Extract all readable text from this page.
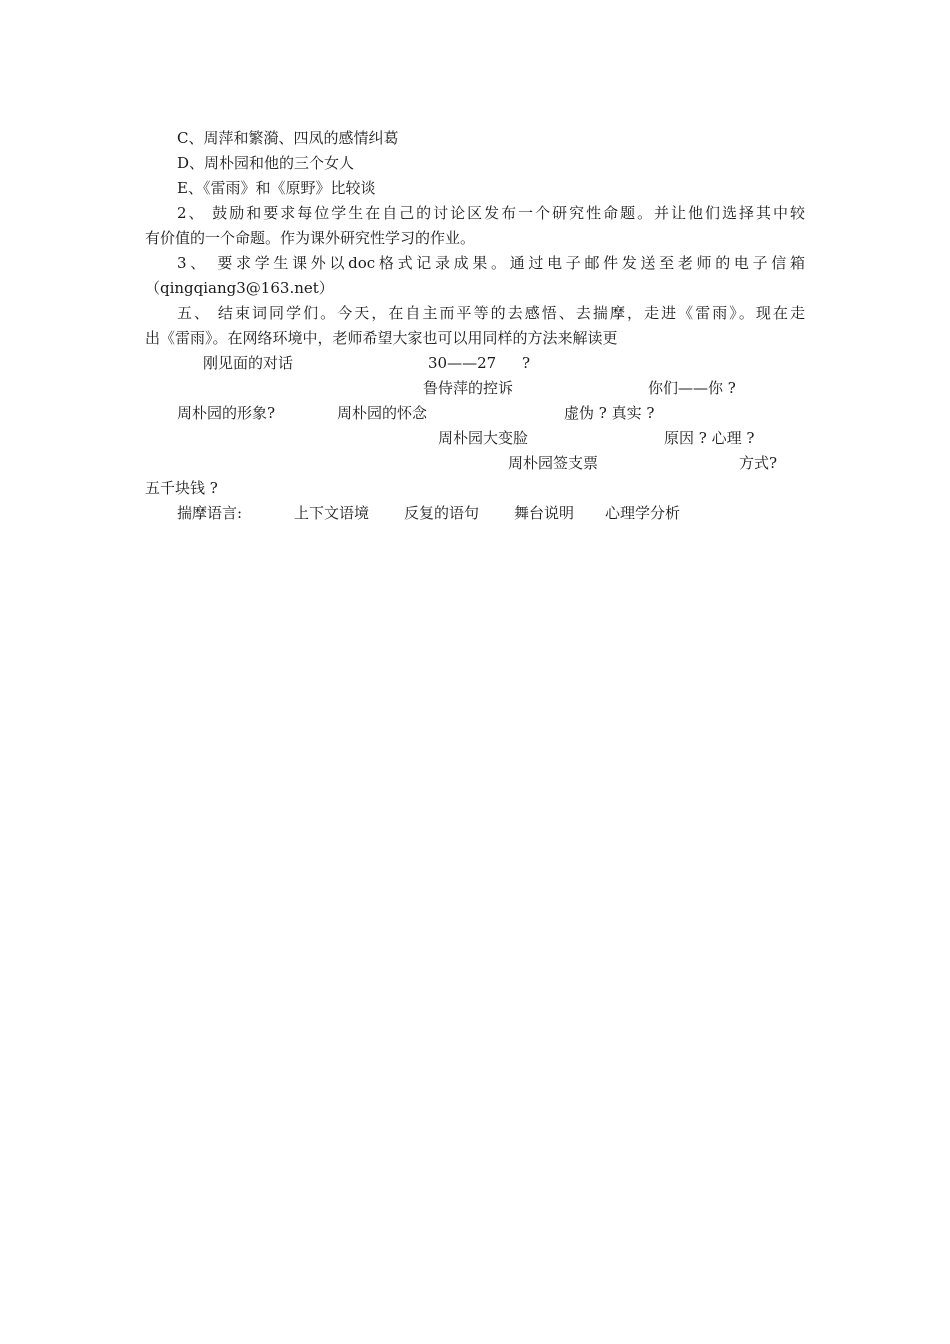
C、周萍和繁漪、四凤的感情纠葛
D、周朴园和他的三个女人
E、《雷雨》和《原野》比较谈
2、 鼓励和要求每位学生在自己的讨论区发布一个研究性命题。并让他们选择其中较
有价值的一个命题。作为课外研究性学习的作业。
3、 要求学生课外以doc格式记录成果。通过电子邮件发送至老师的电子信箱
（qingqiang3@163.net）
五、 结束词同学们。今天，在自主而平等的去感悟、去揣摩，走进《雷雨》。现在走
出《雷雨》。在网络环境中，老师希望大家也可以用同样的方法来解读更
刚见面的对话	30——27 ?
鲁侍萍的控诉	你们——你 ?
周朴园的形象?	周朴园的怀念	虚伪 ? 真实 ?
周朴园大变脸	原因 ? 心理 ?
周朴园签支票	方式?
五千块钱 ?
揣摩语言:	上下文语境 反复的语句 舞台说明 心理学分析
